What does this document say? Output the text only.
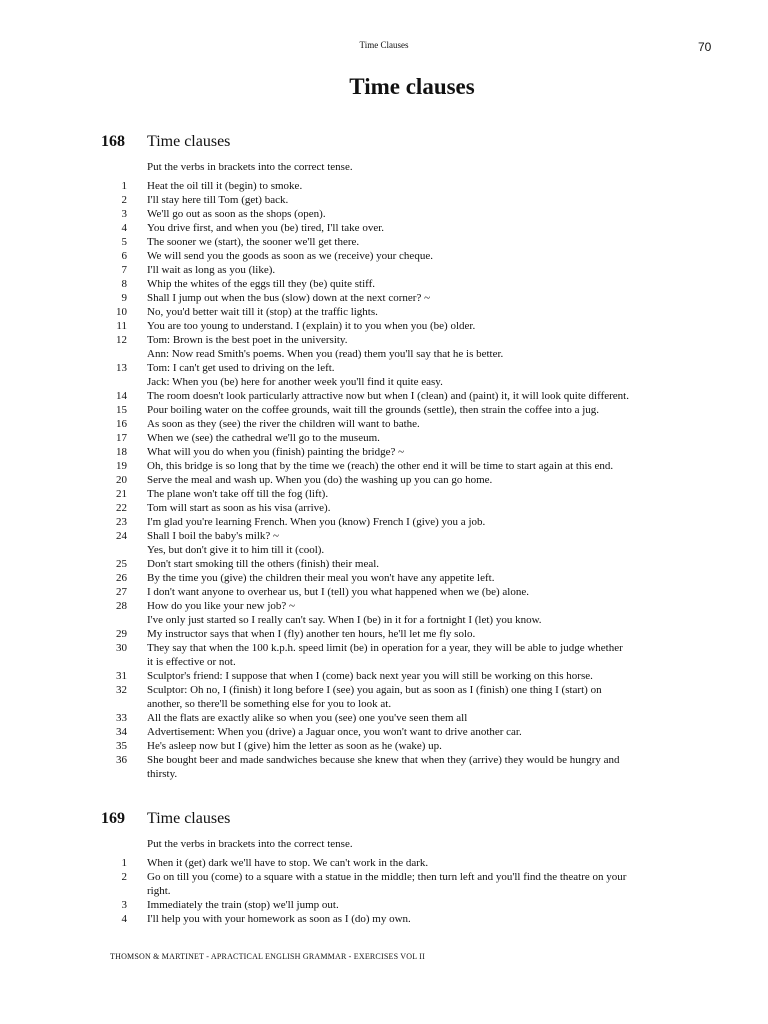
Time Clauses	70
Time clauses
168 Time clauses
Put the verbs in brackets into the correct tense.
1	Heat the oil till it (begin) to smoke.
2	I'll stay here till Tom (get) back.
3	We'll go out as soon as the shops (open).
4	You drive first, and when you (be) tired, I'll take over.
5	The sooner we (start), the sooner we'll get there.
6	We will send you the goods as soon as we (receive) your cheque.
7	I'll wait as long as you (like).
8	Whip the whites of the eggs till they (be) quite stiff.
9	Shall I jump out when the bus (slow) down at the next corner? ~
10	No, you'd better wait till it (stop) at the traffic lights.
11	You are too young to understand. I (explain) it to you when you (be) older.
12	Tom: Brown is the best poet in the university.
Ann: Now read Smith's poems. When you (read) them you'll say that he is better.
13	Tom: I can't get used to driving on the left.
Jack: When you (be) here for another week you'll find it quite easy.
14	The room doesn't look particularly attractive now but when I (clean) and (paint) it, it will look quite different.
15	Pour boiling water on the coffee grounds, wait till the grounds (settle), then strain the coffee into a jug.
16	As soon as they (see) the river the children will want to bathe.
17	When we (see) the cathedral we'll go to the museum.
18	What will you do when you (finish) painting the bridge? ~
19	Oh, this bridge is so long that by the time we (reach) the other end it will be time to start again at this end.
20	Serve the meal and wash up. When you (do) the washing up you can go home.
21	The plane won't take off till the fog (lift).
22	Tom will start as soon as his visa (arrive).
23	I'm glad you're learning French. When you (know) French I (give) you a job.
24	Shall I boil the baby's milk? ~
Yes, but don't give it to him till it (cool).
25	Don't start smoking till the others (finish) their meal.
26	By the time you (give) the children their meal you won't have any appetite left.
27	I don't want anyone to overhear us, but I (tell) you what happened when we (be) alone.
28	How do you like your new job? ~
I've only just started so I really can't say. When I (be) in it for a fortnight I (let) you know.
29	My instructor says that when I (fly) another ten hours, he'll let me fly solo.
30	They say that when the 100 k.p.h. speed limit (be) in operation for a year, they will be able to judge whether
it is effective or not.
31	Sculptor's friend: I suppose that when I (come) back next year you will still be working on this horse.
32	Sculptor: Oh no, I (finish) it long before I (see) you again, but as soon as I (finish) one thing I (start) on
another, so there'll be something else for you to look at.
33	All the flats are exactly alike so when you (see) one you've seen them all
34	Advertisement: When you (drive) a Jaguar once, you won't want to drive another car.
35	He's asleep now but I (give) him the letter as soon as he (wake) up.
36	She bought beer and made sandwiches because she knew that when they (arrive) they would be hungry and
thirsty.
169 Time clauses
Put the verbs in brackets into the correct tense.
1	When it (get) dark we'll have to stop. We can't work in the dark.
2	Go on till you (come) to a square with a statue in the middle; then turn left and you'll find the theatre on your
right.
3	Immediately the train (stop) we'll jump out.
4	I'll help you with your homework as soon as I (do) my own.
THOMSON & MARTINET - APRACTICAL ENGLISH GRAMMAR - EXERCISES VOL II
